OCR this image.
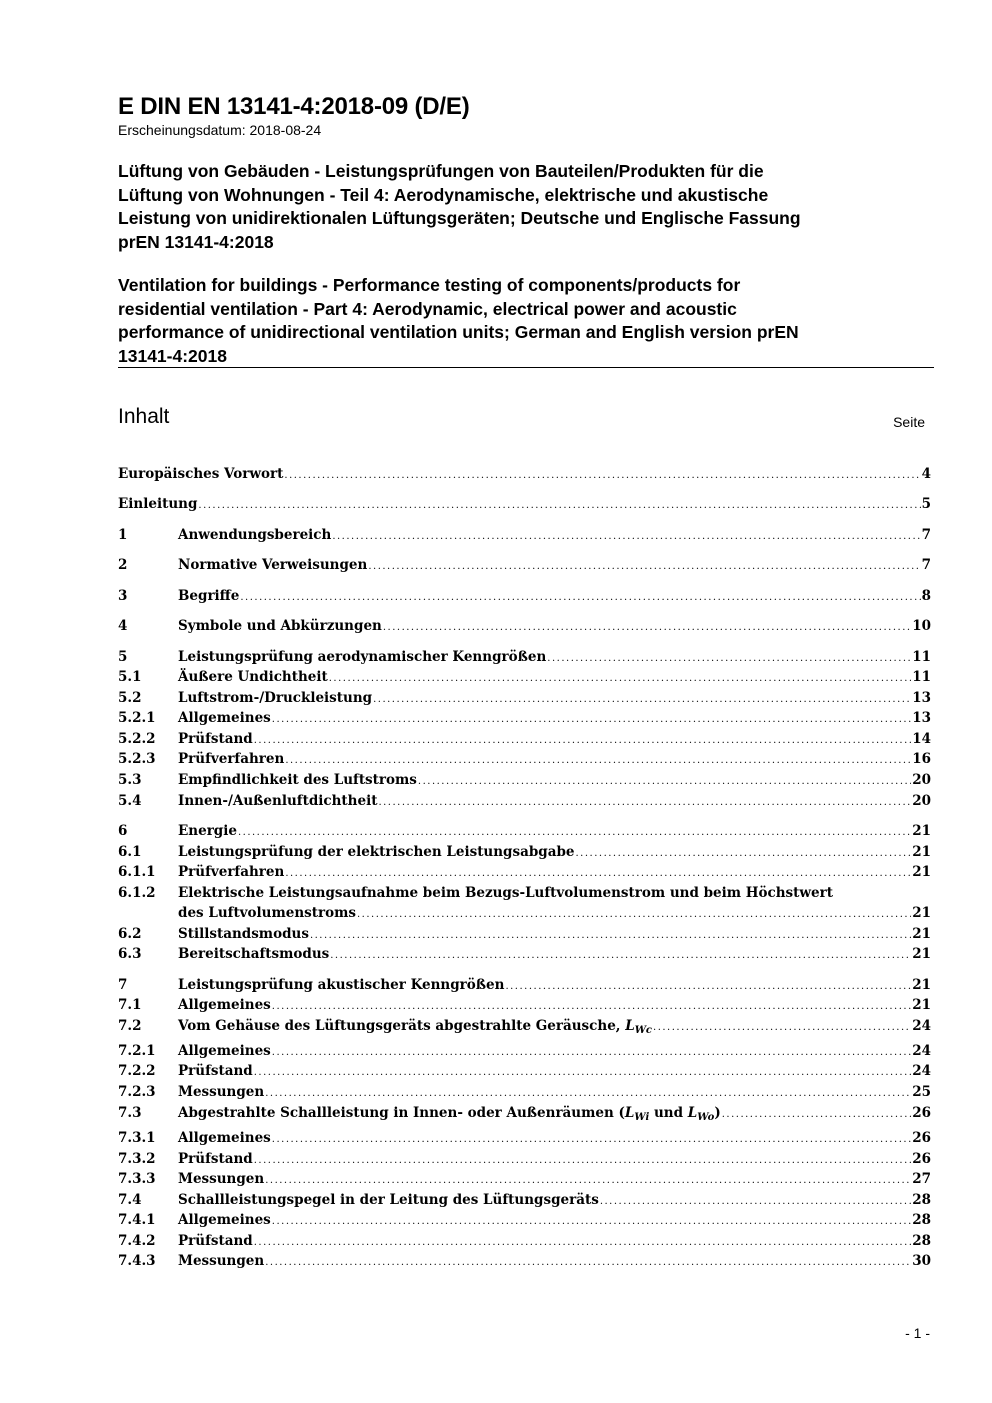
E DIN EN 13141-4:2018-09 (D/E)
Erscheinungsdatum: 2018-08-24
Lüftung von Gebäuden - Leistungsprüfungen von Bauteilen/Produkten für die
Lüftung von Wohnungen - Teil 4: Aerodynamische, elektrische und akustische
Leistung von unidirektionalen Lüftungsgeräten; Deutsche und Englische Fassung
prEN 13141-4:2018
Ventilation for buildings - Performance testing of components/products for
residential ventilation - Part 4: Aerodynamic, electrical power and acoustic
performance of unidirectional ventilation units; German and English version prEN
13141-4:2018
Inhalt	Seite
Europäisches Vorwort .....	4
Einleitung .....	5
1	Anwendungsbereich .....	7
2	Normative Verweisungen .....	7
3	Begriffe .....	8
4	Symbole und Abkürzungen .....	10
5	Leistungsprüfung aerodynamischer Kenngrößen .....	11
5.1	Äußere Undichtheit .....	11
5.2	Luftstrom-/Druckleistung .....	13
5.2.1	Allgemeines .....	13
5.2.2	Prüfstand .....	14
5.2.3	Prüfverfahren .....	16
5.3	Empfindlichkeit des Luftstroms .....	20
5.4	Innen-/Außenluftdichtheit .....	20
6	Energie .....	21
6.1	Leistungsprüfung der elektrischen Leistungsabgabe .....	21
6.1.1	Prüfverfahren .....	21
6.1.2	Elektrische Leistungsaufnahme beim Bezugs-Luftvolumenstrom und beim Höchstwert
des Luftvolumenstroms .....	21
6.2	Stillstandsmodus .....	21
6.3	Bereitschaftsmodus .....	21
7	Leistungsprüfung akustischer Kenngrößen .....	21
7.1	Allgemeines .....	21
7.2	Vom Gehäuse des Lüftungsgeräts abgestrahlte Geräusche, $L_{Wc}$ .....	24
7.2.1	Allgemeines .....	24
7.2.2	Prüfstand .....	24
7.2.3	Messungen .....	25
7.3	Abgestrahlte Schallleistung in Innen- oder Außenräumen ($L_{Wi}$ und $L_{Wo}$) .....	26
7.3.1	Allgemeines .....	26
7.3.2	Prüfstand .....	26
7.3.3	Messungen .....	27
7.4	Schallleistungspegel in der Leitung des Lüftungsgeräts .....	28
7.4.1	Allgemeines .....	28
7.4.2	Prüfstand .....	28
7.4.3	Messungen .....	30
- 1 -
